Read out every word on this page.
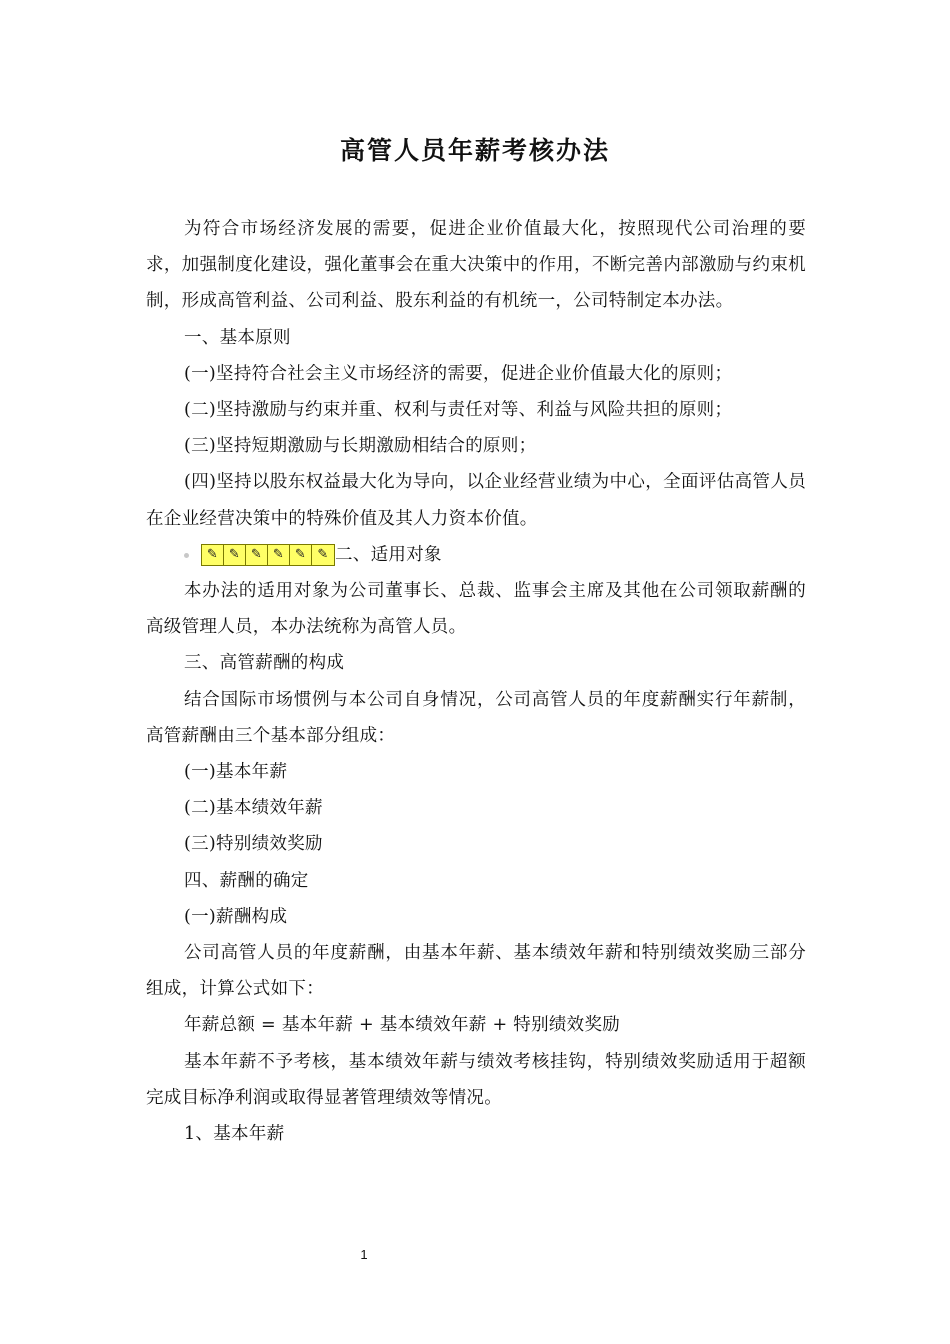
高管人员年薪考核办法

为符合市场经济发展的需要，促进企业价值最大化，按照现代公司治理的要求，加强制度化建设，强化董事会在重大决策中的作用，不断完善内部激励与约束机制，形成高管利益、公司利益、股东利益的有机统一，公司特制定本办法。

一、基本原则

(一)坚持符合社会主义市场经济的需要，促进企业价值最大化的原则；

(二)坚持激励与约束并重、权利与责任对等、利益与风险共担的原则；

(三)坚持短期激励与长期激励相结合的原则；

(四)坚持以股东权益最大化为导向，以企业经营业绩为中心，全面评估高管人员在企业经营决策中的特殊价值及其人力资本价值。

✎ ✎ ✎ ✎ ✎ ✎ 二、适用对象

本办法的适用对象为公司董事长、总裁、监事会主席及其他在公司领取薪酬的高级管理人员，本办法统称为高管人员。

三、高管薪酬的构成

结合国际市场惯例与本公司自身情况，公司高管人员的年度薪酬实行年薪制，高管薪酬由三个基本部分组成：

(一)基本年薪

(二)基本绩效年薪

(三)特别绩效奖励

四、薪酬的确定

(一)薪酬构成

公司高管人员的年度薪酬，由基本年薪、基本绩效年薪和特别绩效奖励三部分组成，计算公式如下：

年薪总额 = 基本年薪 + 基本绩效年薪 + 特别绩效奖励

基本年薪不予考核，基本绩效年薪与绩效考核挂钩，特别绩效奖励适用于超额完成目标净利润或取得显著管理绩效等情况。

1、基本年薪

1
